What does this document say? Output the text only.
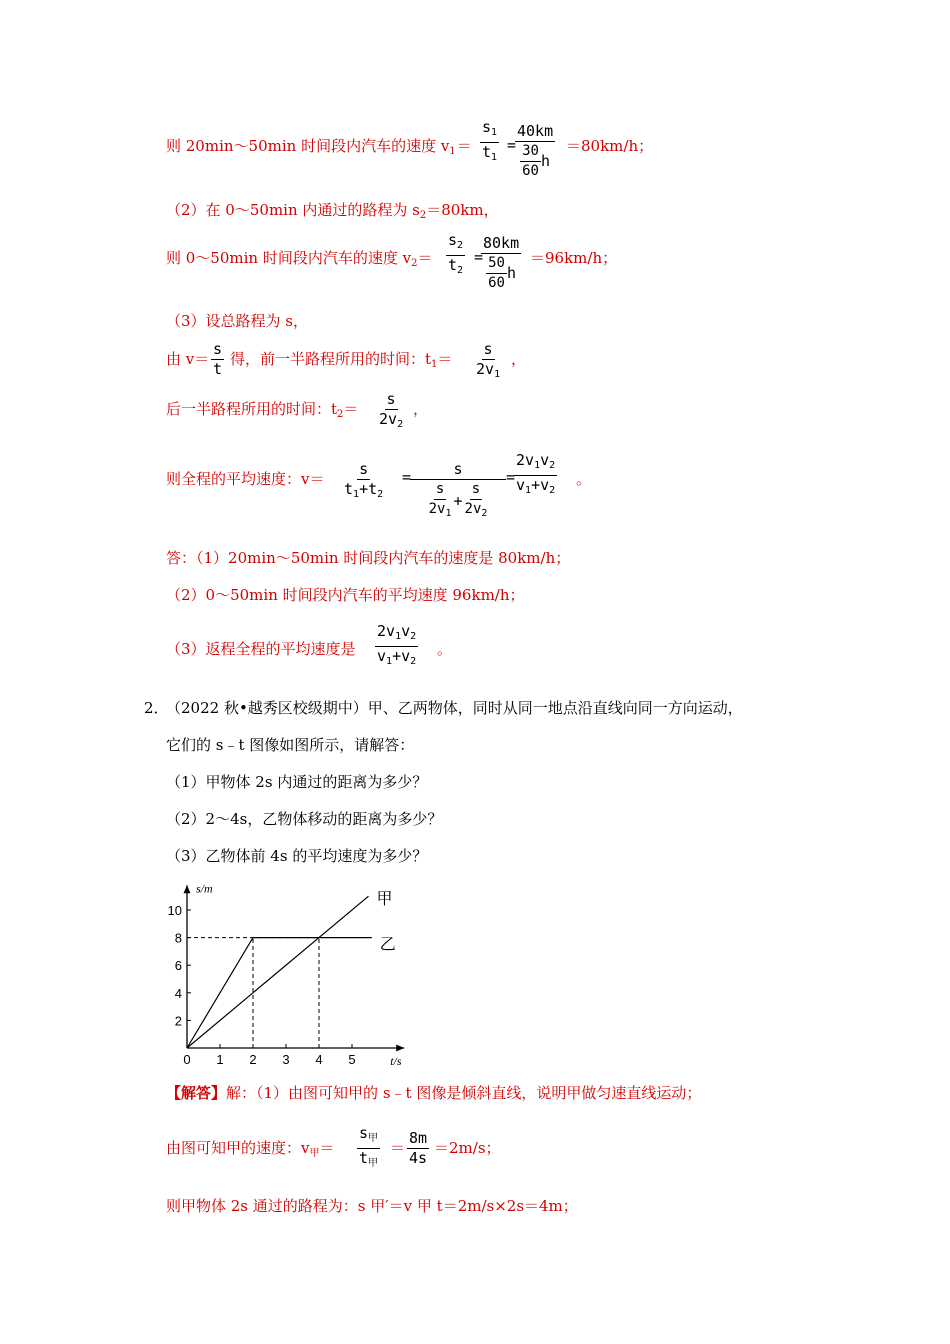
则 20min～50min 时间段内汽车的速度 $v_1= \frac{s_1}{t_1}$ =
$\frac{40km}{\frac{30}{60} h} =80km/h$；
（2）在 0～50min 内通过的路程为 $s_2=80km$，
则 0～50min 时间段内汽车的速度 $v_2= \frac{s_2}{t_2}$ =
$\frac{80km}{\frac{50}{60} h} =96km/h$；
（3）设总路程为 s，
由 $v= \frac{s}{t}$ 得，前一半路程所用的时间：$t_1= \frac{s}{2v_1}$ ，
后一半路程所用的时间：$t_2= \frac{s}{2v_2}$ ，
则全程的平均速度：$v= \frac{s}{t_1+t_2}$ =
$\frac{s}{\frac{s}{2v_1} + \frac{s}{2v_2}}$ =
$\frac{2v_1v_2}{v_1+v_2}$ 。
答：（1）20min～50min 时间段内汽车的速度是 80km/h；
（2）0～50min 时间段内汽车的平均速度 96km/h；
（3）返程全程的平均速度是 $\frac{2v_1v_2}{v_1+v_2}$ 。
2．
（2022 秋•越秀区校级期中）甲、乙两物体，同时从同一地点沿直线向同一方向运动，
它们的 s﹣t 图像如图所示，请解答：
（1）甲物体 2s 内通过的距离为多少？
（2）2～4s，乙物体移动的距离为多少？
（3）乙物体前 4s 的平均速度为多少？
s/m
t/s
0 1 2 3 4 5
2
4
6
8
10
甲
乙
【解答】解：（1）由图可知甲的 s﹣t 图像是倾斜直线，说明甲做匀速直线运动；
由图可知甲的速度：$v_甲=$
$s_甲$
$t_甲$
＝ $\frac{8m}{4s} =2m/s$；
则甲物体 2s 通过的路程为：s 甲′＝v 甲 t＝2m/s×2s＝4m；
